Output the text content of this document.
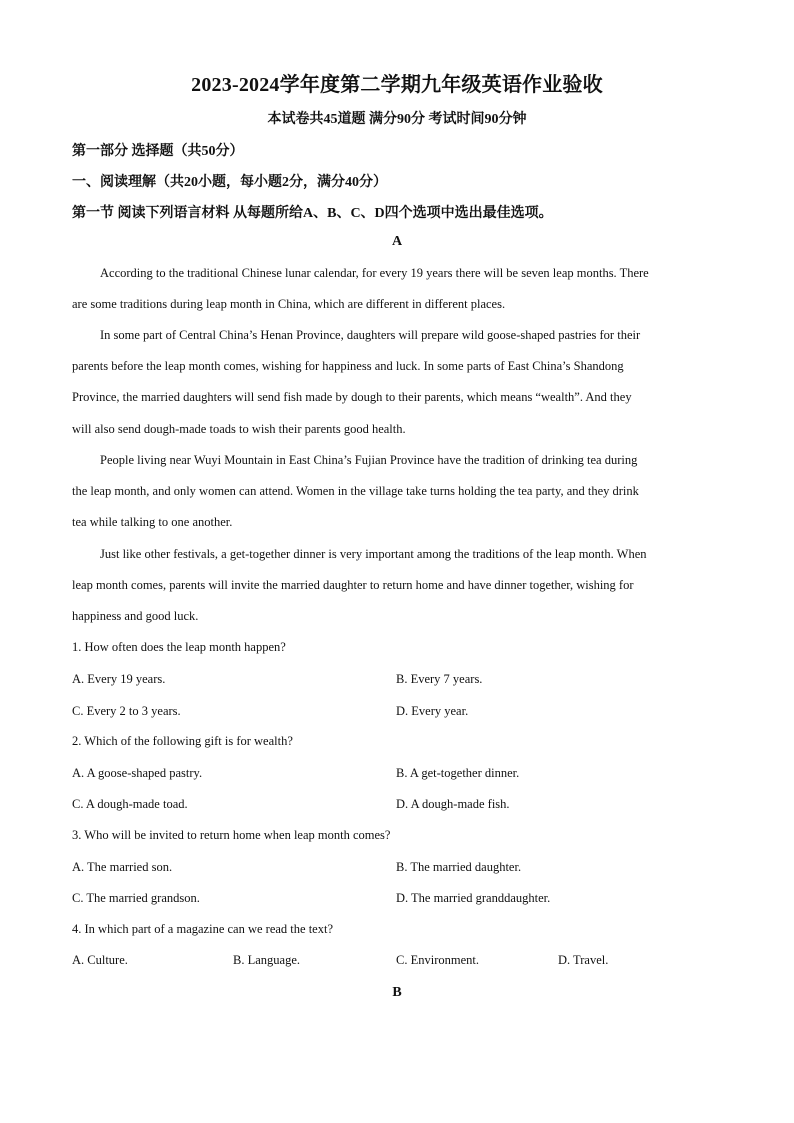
2023-2024学年度第二学期九年级英语作业验收
本试卷共45道题 满分90分 考试时间90分钟
第一部分 选择题（共50分）
一、阅读理解（共20小题，每小题2分，满分40分）
第一节 阅读下列语言材料 从每题所给A、B、C、D四个选项中选出最佳选项。
A
According to the traditional Chinese lunar calendar, for every 19 years there will be seven leap months. There
are some traditions during leap month in China, which are different in different places.
In some part of Central China’s Henan Province, daughters will prepare wild goose-shaped pastries for their
parents before the leap month comes, wishing for happiness and luck. In some parts of East China’s Shandong
Province, the married daughters will send fish made by dough to their parents, which means “wealth”. And they
will also send dough-made toads to wish their parents good health.
People living near Wuyi Mountain in East China’s Fujian Province have the tradition of drinking tea during
the leap month, and only women can attend. Women in the village take turns holding the tea party, and they drink
tea while talking to one another.
Just like other festivals, a get-together dinner is very important among the traditions of the leap month. When
leap month comes, parents will invite the married daughter to return home and have dinner together, wishing for
happiness and good luck.
1. How often does the leap month happen?
A. Every 19 years.	B. Every 7 years.
C. Every 2 to 3 years.	D. Every year.
2. Which of the following gift is for wealth?
A. A goose-shaped pastry.	B. A get-together dinner.
C. A dough-made toad.	D. A dough-made fish.
3. Who will be invited to return home when leap month comes?
A. The married son.	B. The married daughter.
C. The married grandson.	D. The married granddaughter.
4. In which part of a magazine can we read the text?
A. Culture.	B. Language.	C. Environment.	D. Travel.
B
